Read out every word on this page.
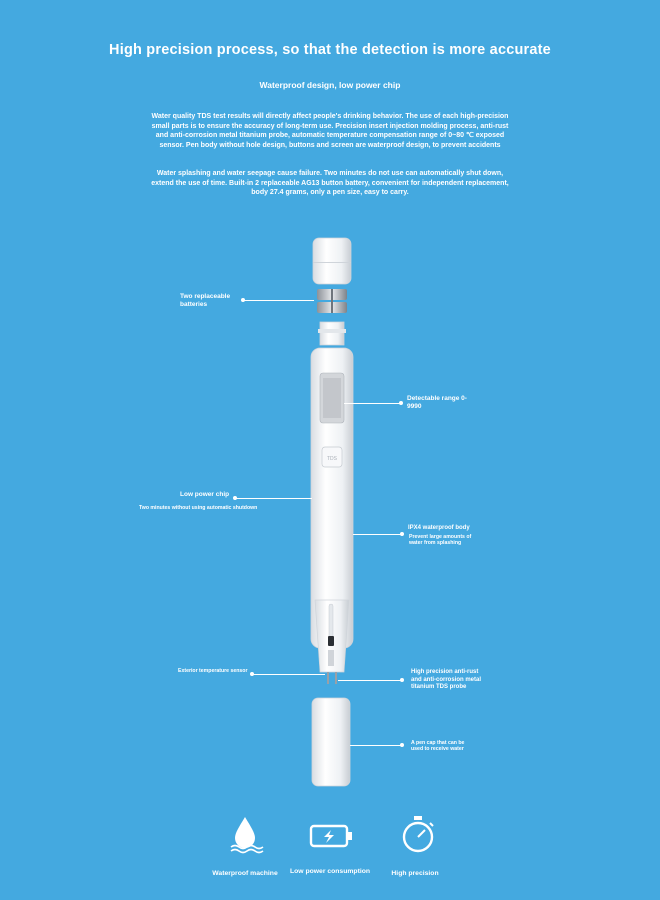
High precision process, so that the detection is more accurate
Waterproof design, low power chip
Water quality TDS test results will directly affect people's drinking behavior. The use of each high-precision small parts is to ensure the accuracy of long-term use. Precision insert injection molding process, anti-rust and anti-corrosion metal titanium probe, automatic temperature compensation range of 0~80 ℃ exposed sensor. Pen body without hole design, buttons and screen are waterproof design, to prevent accidents
Water splashing and water seepage cause failure. Two minutes do not use can automatically shut down, extend the use of time. Built-in 2 replaceable AG13 button battery, convenient for independent replacement, body 27.4 grams, only a pen size, easy to carry.
TDS
Two replaceable batteries
Detectable range 0-9990
Low power chip
Two minutes without using automatic shutdown
IPX4 waterproof body
Prevent large amounts of water from splashing
Exterior temperature sensor	High precision anti-rust and anti-corrosion metal titanium TDS probe
A pen cap that can be used to receive water
Waterproof machine	Low power consumption	High precision
